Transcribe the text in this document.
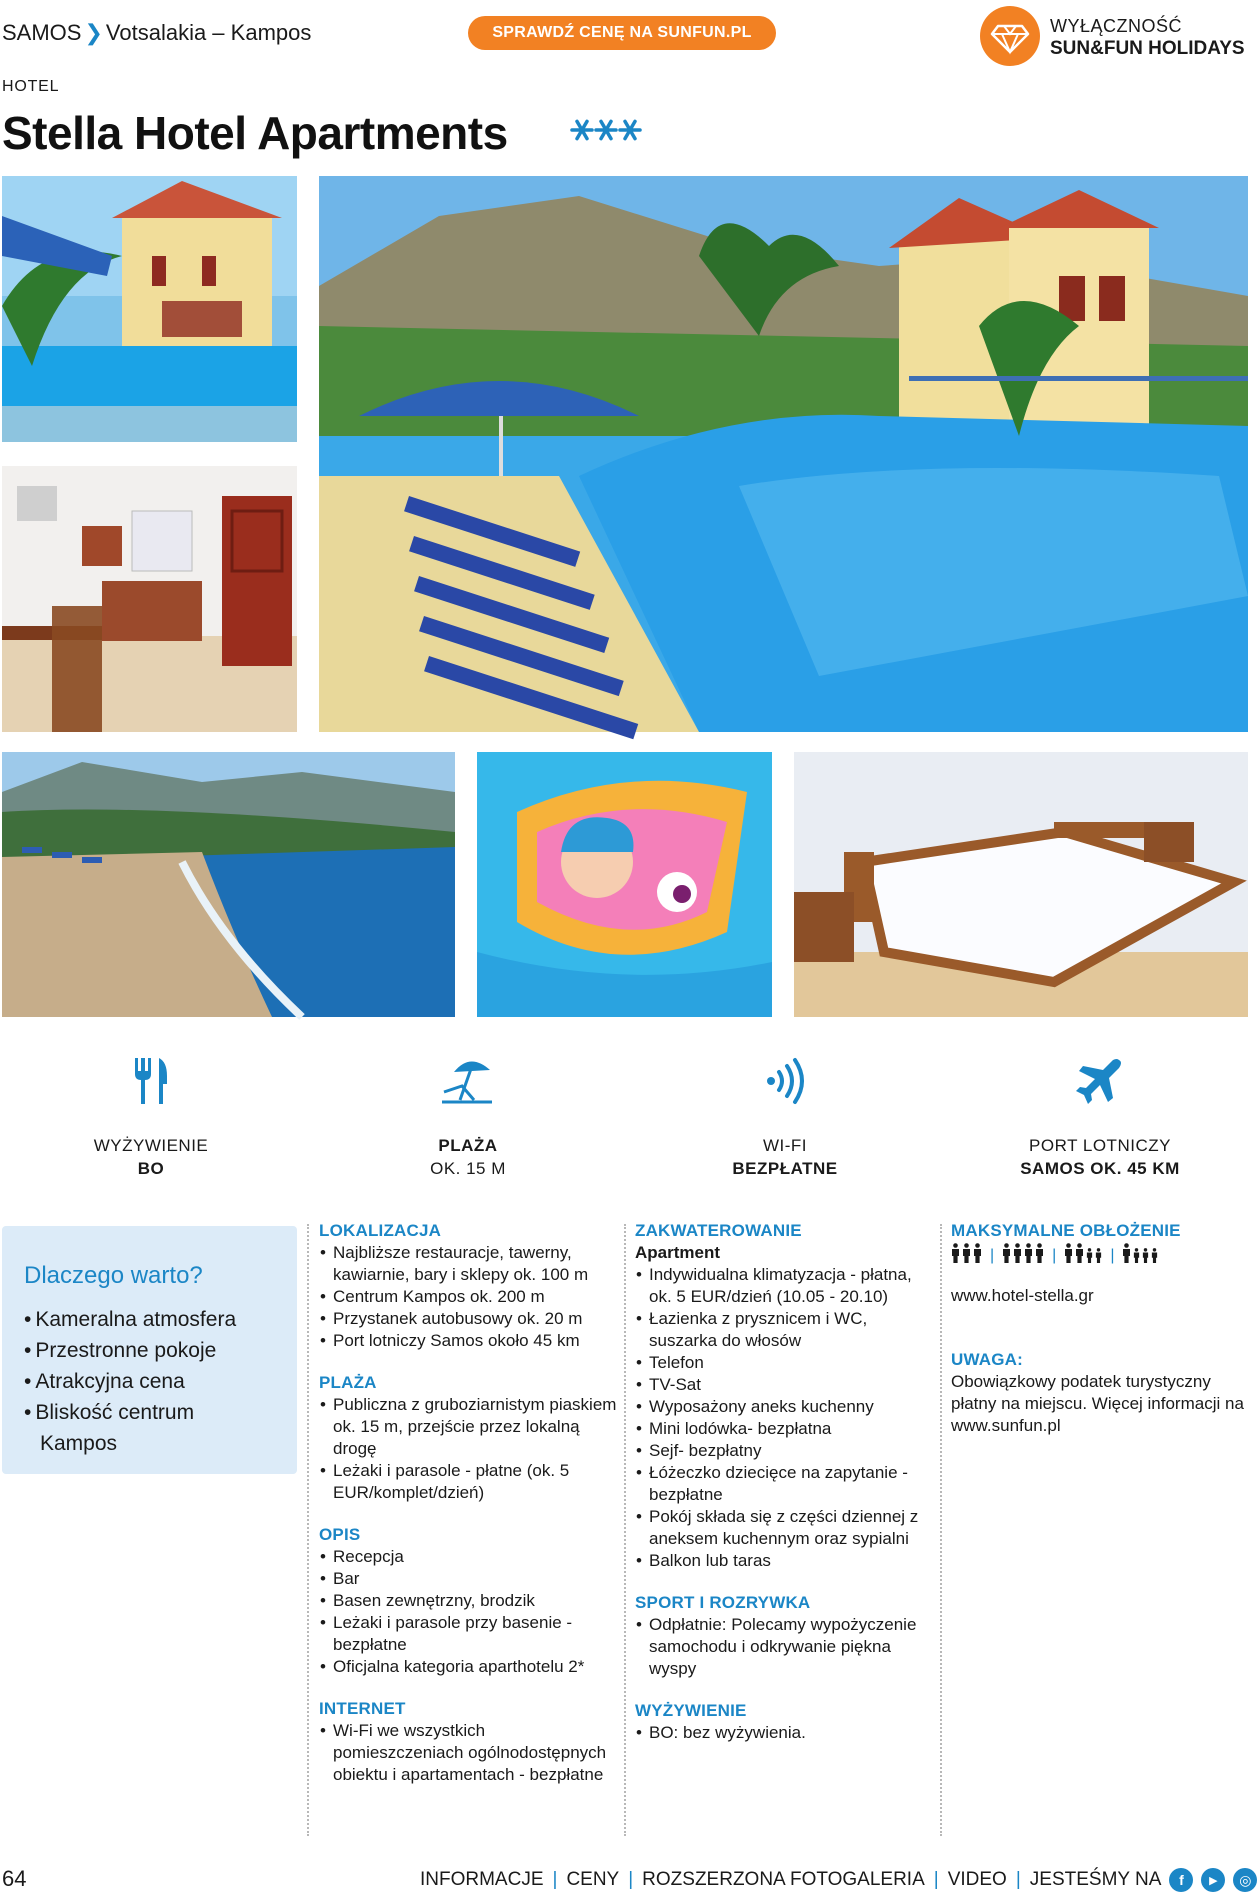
SAMOS ❯ Votsalakia – Kampos	SPRAWDŹ CENĘ NA SUNFUN.PL	WYŁĄCZNOŚĆ
SUN&FUN HOLIDAYS
HOTEL
Stella Hotel Apartments
WYŻYWIENIE
BO
PLAŻA
OK. 15 M
WI-FI
BEZPŁATNE
PORT LOTNICZY
SAMOS OK. 45 KM
Dlaczego warto?
• Kameralna atmosfera
• Przestronne pokoje
• Atrakcyjna cena
• Bliskość centrum
Kampos
LOKALIZACJA

• Najbliższe restauracje, tawerny, kawiarnie, bary i sklepy ok. 100 m

• Centrum Kampos ok. 200 m

• Przystanek autobusowy ok. 20 m

• Port lotniczy Samos około 45 km

PLAŻA

• Publiczna z gruboziarnistym piaskiem ok. 15 m, przejście przez lokalną drogę

• Leżaki i parasole - płatne (ok. 5 EUR/komplet/dzień)

OPIS

• Recepcja

• Bar

• Basen zewnętrzny, brodzik

• Leżaki i parasole przy basenie - bezpłatne

• Oficjalna kategoria aparthotelu 2*

INTERNET

• Wi-Fi we wszystkich pomieszczeniach ogólnodostępnych obiektu i apartamentach - bezpłatne

ZAKWATEROWANIE

Apartment

• Indywidualna klimatyzacja - płatna, ok. 5 EUR/dzień (10.05 - 20.10)

• Łazienka z prysznicem i WC, suszarka do włosów

• Telefon

• TV-Sat

• Wyposażony aneks kuchenny

• Mini lodówka- bezpłatna

• Sejf- bezpłatny

• Łóżeczko dziecięce na zapytanie - bezpłatne

• Pokój składa się z części dziennej z aneksem kuchennym oraz sypialni

• Balkon lub taras

SPORT I ROZRYWKA

• Odpłatnie: Polecamy wypożyczenie samochodu i odkrywanie piękna wyspy

WYŻYWIENIE

• BO: bez wyżywienia.

MAKSYMALNE OBŁOŻENIE
|	|	|

www.hotel-stella.gr

UWAGA:

Obowiązkowy podatek turystyczny płatny na miejscu. Więcej informacji na www.sunfun.pl

64	INFORMACJE | CENY | ROZSZERZONA FOTOGALERIA | VIDEO | JESTEŚMY NA	f	▶	◎
